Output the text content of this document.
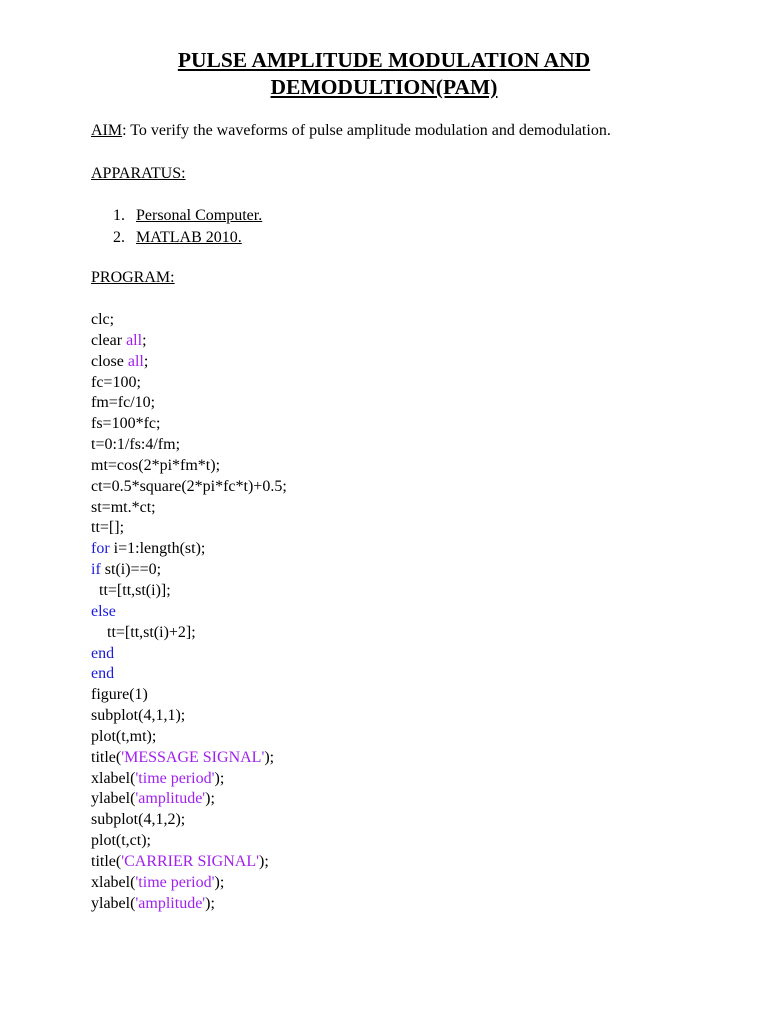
PULSE AMPLITUDE MODULATION AND
DEMODULTION(PAM)
AIM: To verify the waveforms of pulse amplitude modulation and demodulation.
APPARATUS:
1. Personal Computer.
2. MATLAB 2010.
PROGRAM:
clc;
clear all;
close all;
fc=100;
fm=fc/10;
fs=100*fc;
t=0:1/fs:4/fm;
mt=cos(2*pi*fm*t);
ct=0.5*square(2*pi*fc*t)+0.5;
st=mt.*ct;
tt=[];
for i=1:length(st);
if st(i)==0;
tt=[tt,st(i)];
else
tt=[tt,st(i)+2];
end
end
figure(1)
subplot(4,1,1);
plot(t,mt);
title('MESSAGE SIGNAL');
xlabel('time period');
ylabel('amplitude');
subplot(4,1,2);
plot(t,ct);
title('CARRIER SIGNAL');
xlabel('time period');
ylabel('amplitude');
